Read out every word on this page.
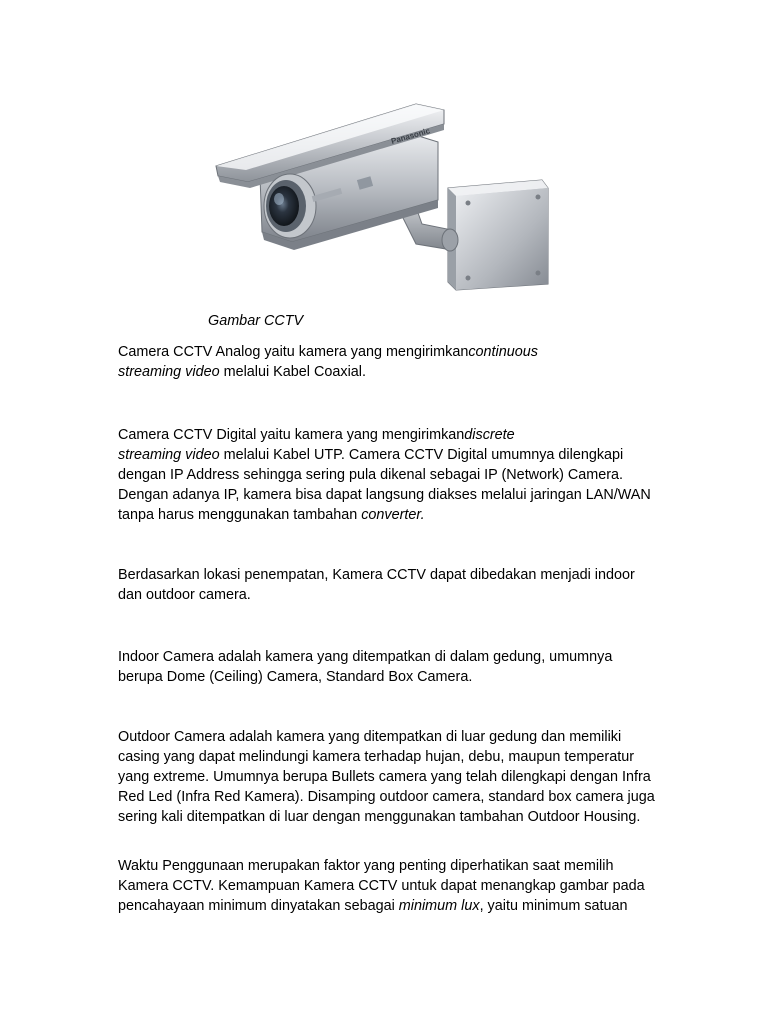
Panasonic
Gambar CCTV

Camera CCTV Analog yaitu kamera yang mengirimkancontinuous
streaming video melalui Kabel Coaxial.

Camera CCTV Digital yaitu kamera yang mengirimkandiscrete
streaming video melalui Kabel UTP. Camera CCTV Digital umumnya dilengkapi
dengan IP Address sehingga sering pula dikenal sebagai IP (Network) Camera.
Dengan adanya IP, kamera bisa dapat langsung diakses melalui jaringan LAN/WAN
tanpa harus menggunakan tambahan converter.

Berdasarkan lokasi penempatan, Kamera CCTV dapat dibedakan menjadi indoor
dan outdoor camera.

Indoor Camera adalah kamera yang ditempatkan di dalam gedung, umumnya
berupa Dome (Ceiling) Camera, Standard Box Camera.

Outdoor Camera adalah kamera yang ditempatkan di luar gedung dan memiliki
casing yang dapat melindungi kamera terhadap hujan, debu, maupun temperatur
yang extreme. Umumnya berupa Bullets camera yang telah dilengkapi dengan Infra
Red Led (Infra Red Kamera). Disamping outdoor camera, standard box camera juga
sering kali ditempatkan di luar dengan menggunakan tambahan Outdoor Housing.

Waktu Penggunaan merupakan faktor yang penting diperhatikan saat memilih
Kamera CCTV. Kemampuan Kamera CCTV untuk dapat menangkap gambar pada
pencahayaan minimum dinyatakan sebagai minimum lux, yaitu minimum satuan
